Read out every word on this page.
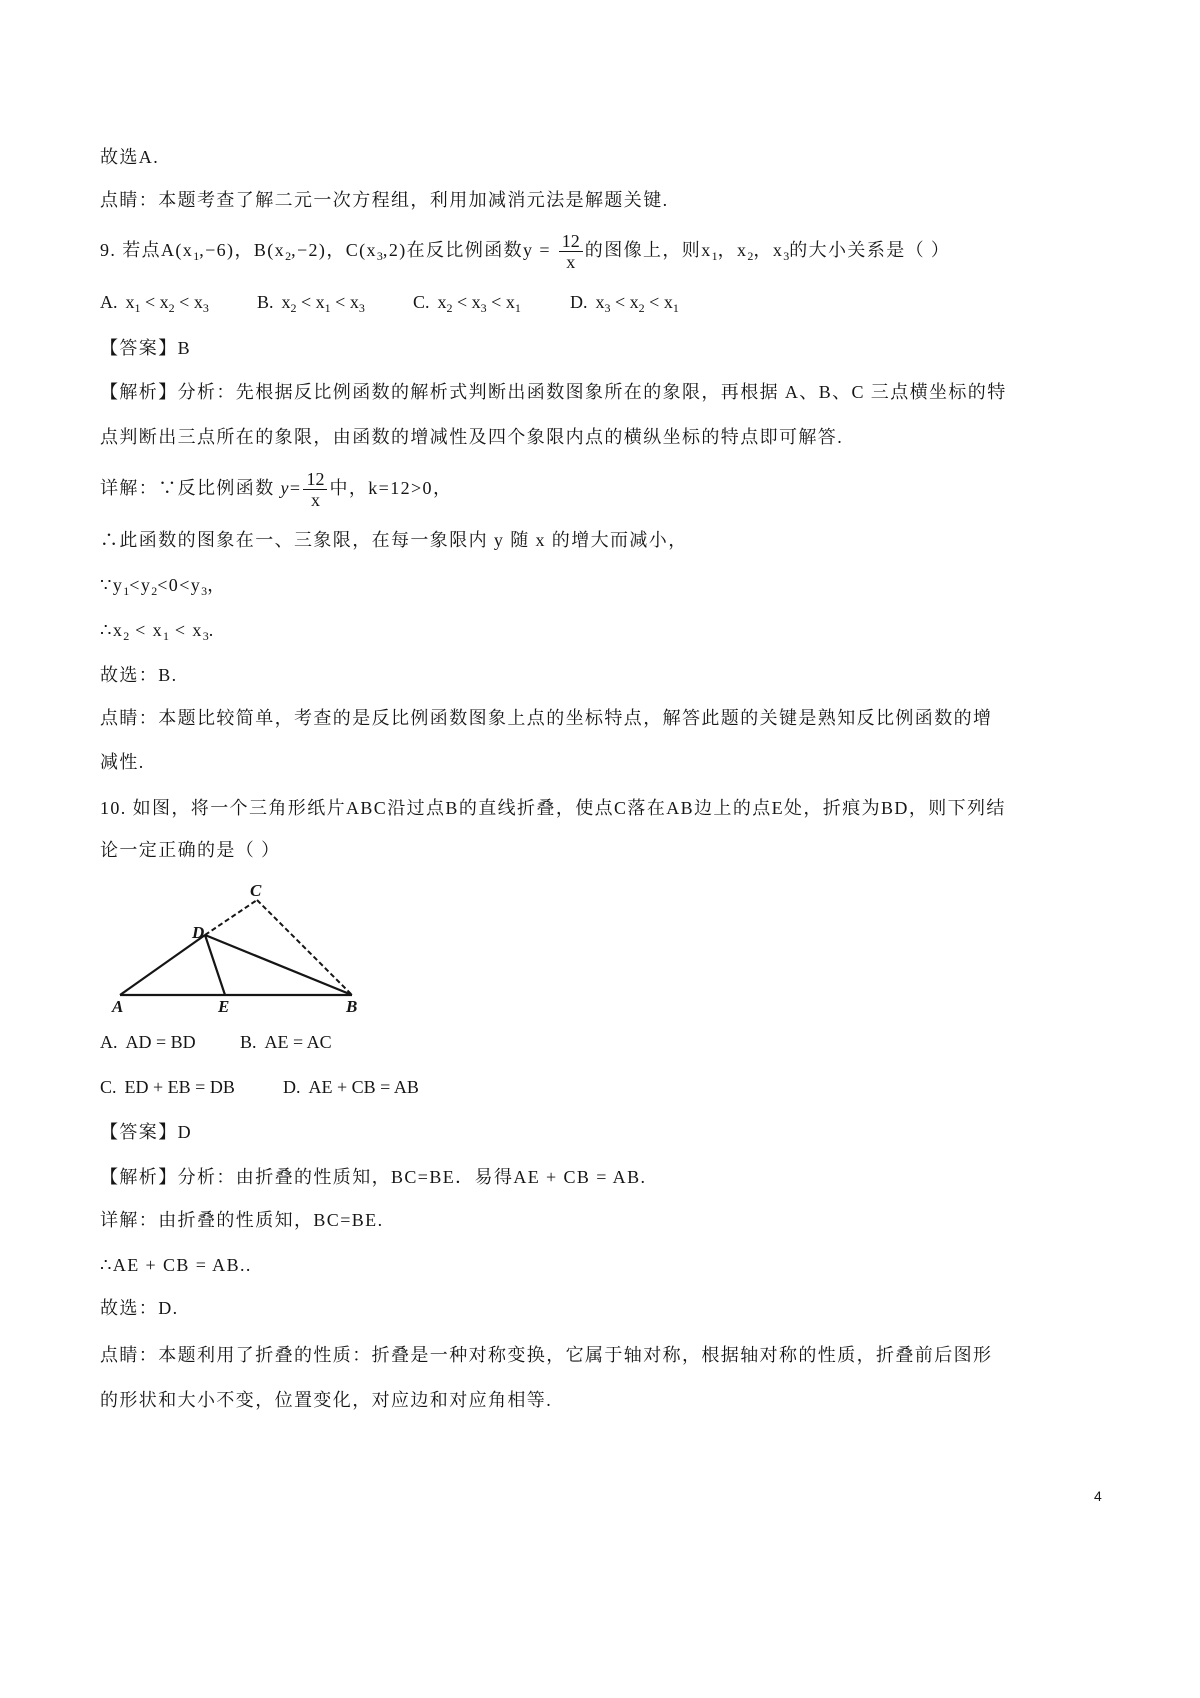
故选A.
点睛：本题考查了解二元一次方程组，利用加减消元法是解题关键.
9. 若点$A(x_1,-6)$，$B(x_2,-2)$，$C(x_3,2)$在反比例函数$y = \frac{12}{x}$ 的图像上，则$x_1$，$x_2$，$x_3$的大小关系是（ ）
A. $x_1 < x_2 < x_3$	B. $x_2 < x_1 < x_3$	C. $x_2 < x_3 < x_1$	D. $x_3 < x_2 < x_1$
【答案】B
【解析】分析：先根据反比例函数的解析式判断出函数图象所在的象限，再根据 A、B、C 三点横坐标的特
点判断出三点所在的象限，由函数的增减性及四个象限内点的横纵坐标的特点即可解答.
详解：∵反比例函数 $y= \frac{12}{x}$ 中，k=12>0，
∴此函数的图象在一、三象限，在每一象限内 y 随 x 的增大而减小，
$\because y_1<y_2<0<y_3$，
$\therefore x_2 < x_1 < x_3$.
故选：B.
点睛：本题比较简单，考查的是反比例函数图象上点的坐标特点，解答此题的关键是熟知反比例函数的增
减性.
10. 如图，将一个三角形纸片ABC沿过点B的直线折叠，使点C落在AB边上的点E处，折痕为BD，则下列结
论一定正确的是（ ）
A	E	B
D
C
A. AD = BD B. AE = AC
C. ED + EB = DB	D. AE + CB = AB
【答案】D
【解析】分析：由折叠的性质知，BC=BE．易得AE + CB = AB.
详解：由折叠的性质知，BC=BE.
∴AE + CB = AB..
故选：D.
点睛：本题利用了折叠的性质：折叠是一种对称变换，它属于轴对称，根据轴对称的性质，折叠前后图形
的形状和大小不变，位置变化，对应边和对应角相等.
4
